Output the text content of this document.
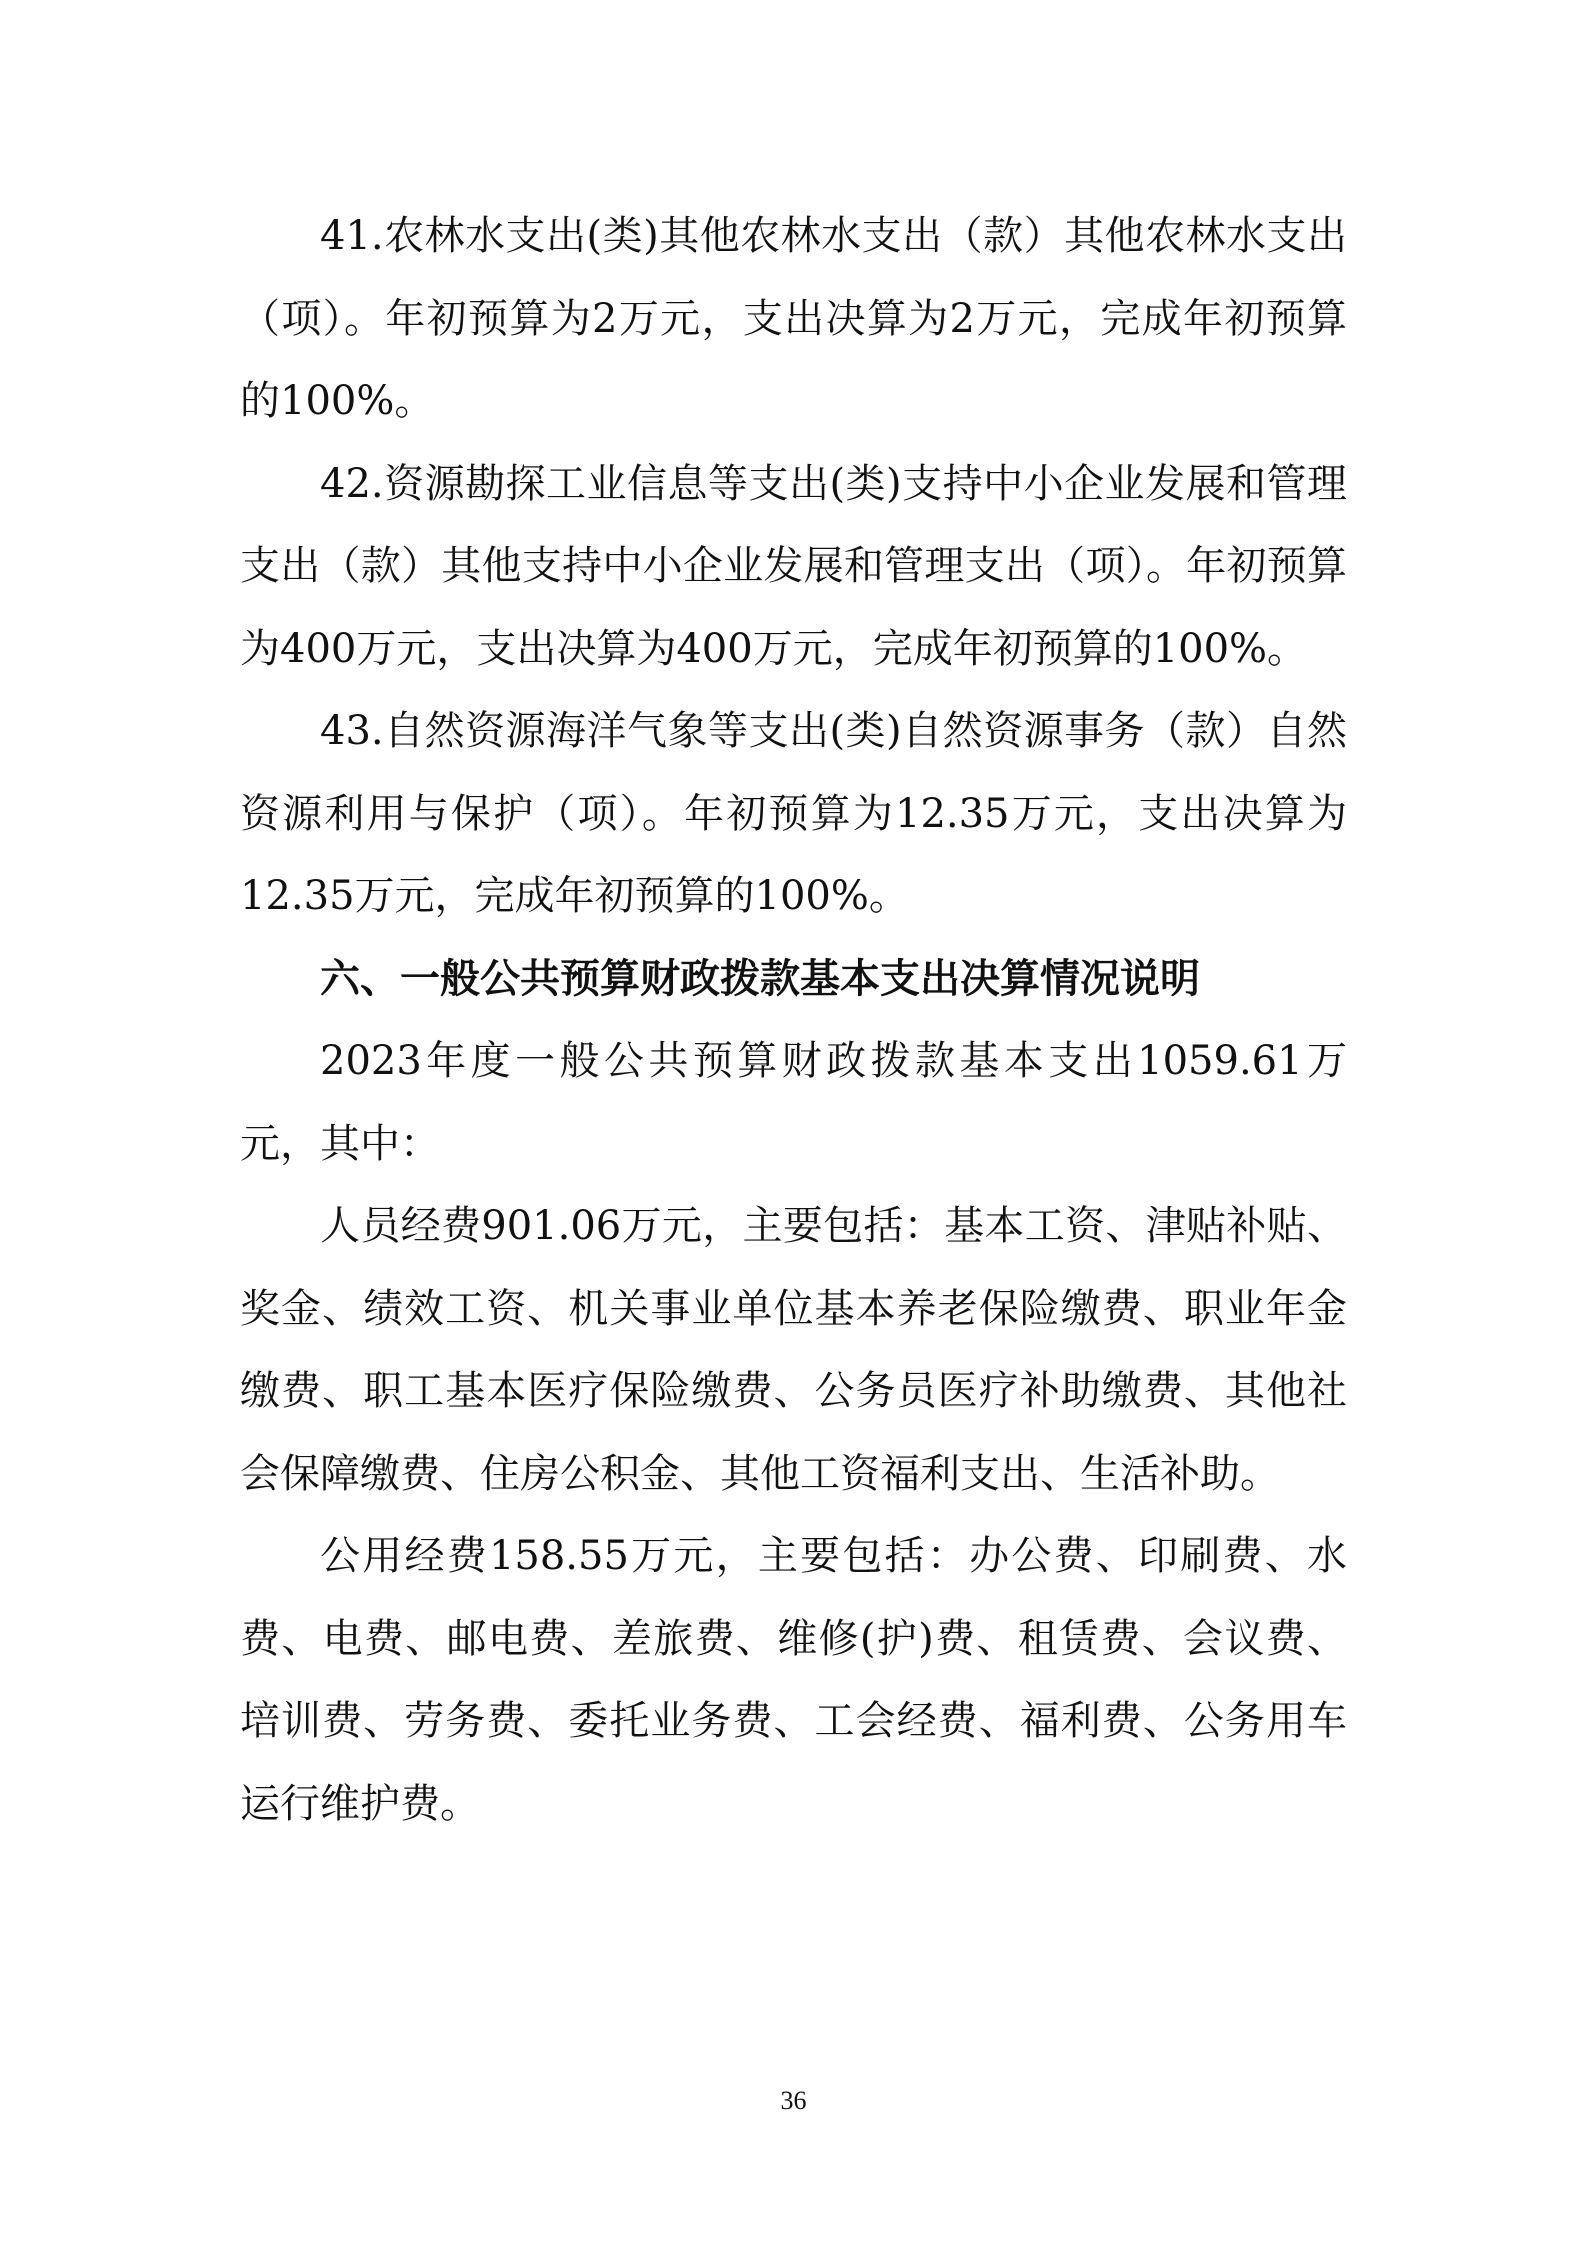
41.农林水支出(类)其他农林水支出（款）其他农林水支出（项）。年初预算为2万元，支出决算为2万元，完成年初预算的100%。

42.资源勘探工业信息等支出(类)支持中小企业发展和管理支出（款）其他支持中小企业发展和管理支出（项）。年初预算为400万元，支出决算为400万元，完成年初预算的100%。

43.自然资源海洋气象等支出(类)自然资源事务（款）自然资源利用与保护（项）。年初预算为12.35万元，支出决算为12.35万元，完成年初预算的100%。

六、一般公共预算财政拨款基本支出决算情况说明

2023年度一般公共预算财政拨款基本支出1059.61万元，其中：

人员经费901.06万元，主要包括：基本工资、津贴补贴、奖金、绩效工资、机关事业单位基本养老保险缴费、职业年金缴费、职工基本医疗保险缴费、公务员医疗补助缴费、其他社会保障缴费、住房公积金、其他工资福利支出、生活补助。

公用经费158.55万元，主要包括：办公费、印刷费、水费、电费、邮电费、差旅费、维修(护)费、租赁费、会议费、培训费、劳务费、委托业务费、工会经费、福利费、公务用车运行维护费。

36
